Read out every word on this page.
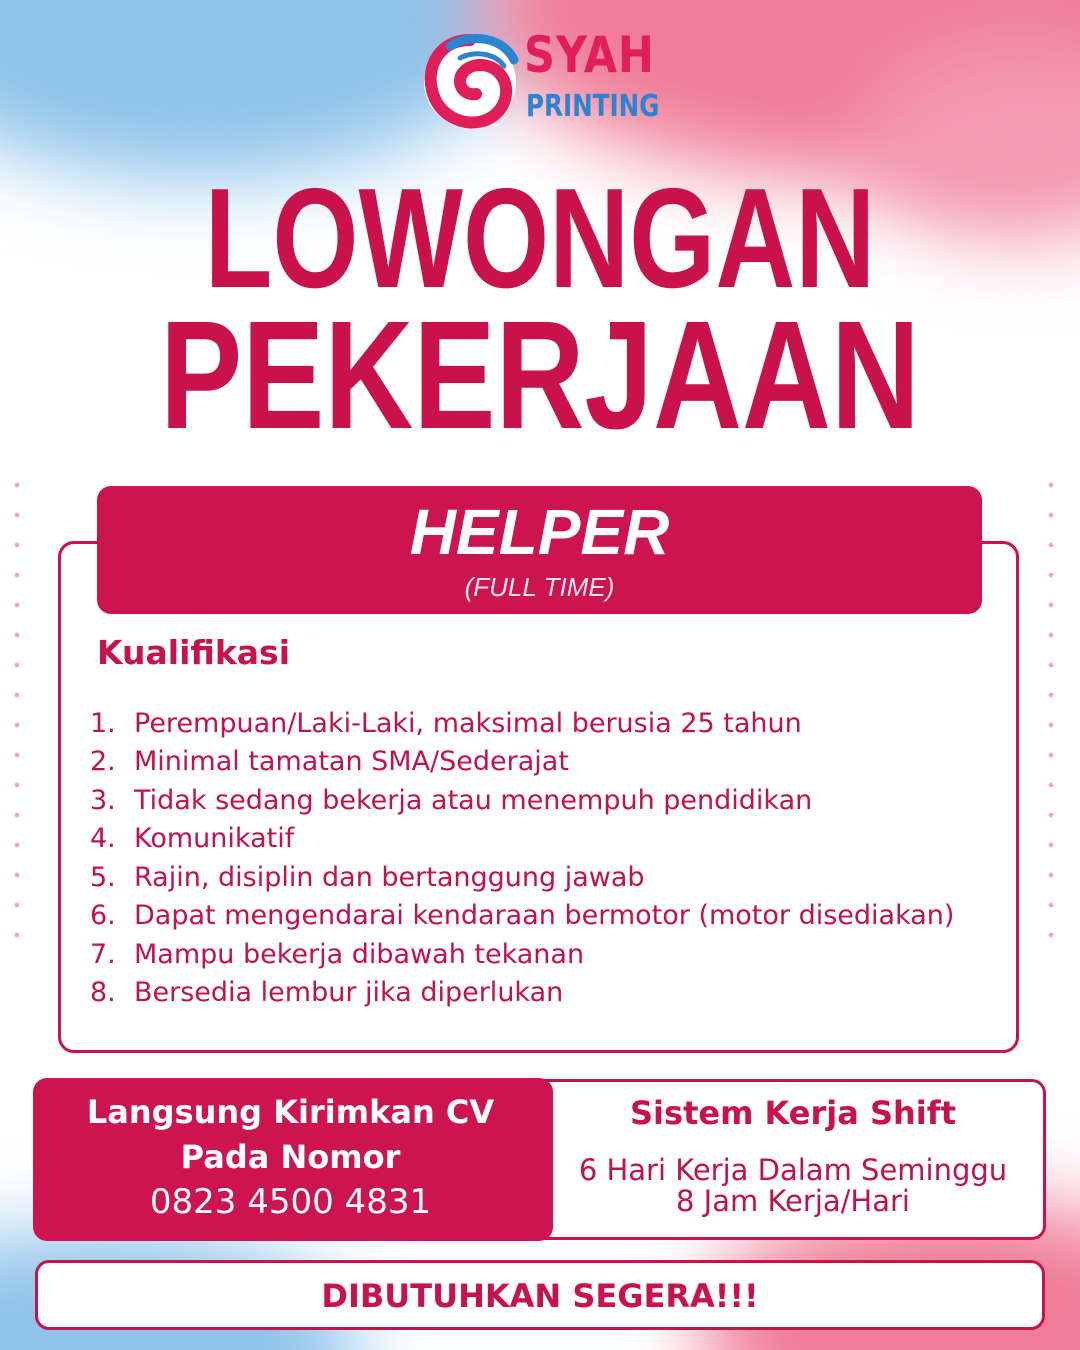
SYAH
PRINTING
LOWONGAN
PEKERJAAN
HELPER
(FULL TIME)
Kualifikasi
1. Perempuan/Laki-Laki, maksimal berusia 25 tahun
2. Minimal tamatan SMA/Sederajat
3. Tidak sedang bekerja atau menempuh pendidikan
4. Komunikatif
5. Rajin, disiplin dan bertanggung jawab
6. Dapat mengendarai kendaraan bermotor (motor disediakan)
7. Mampu bekerja dibawah tekanan
8. Bersedia lembur jika diperlukan
Langsung Kirimkan CV
Pada Nomor
0823 4500 4831
Sistem Kerja Shift
6 Hari Kerja Dalam Seminggu
8 Jam Kerja/Hari
DIBUTUHKAN SEGERA!!!
